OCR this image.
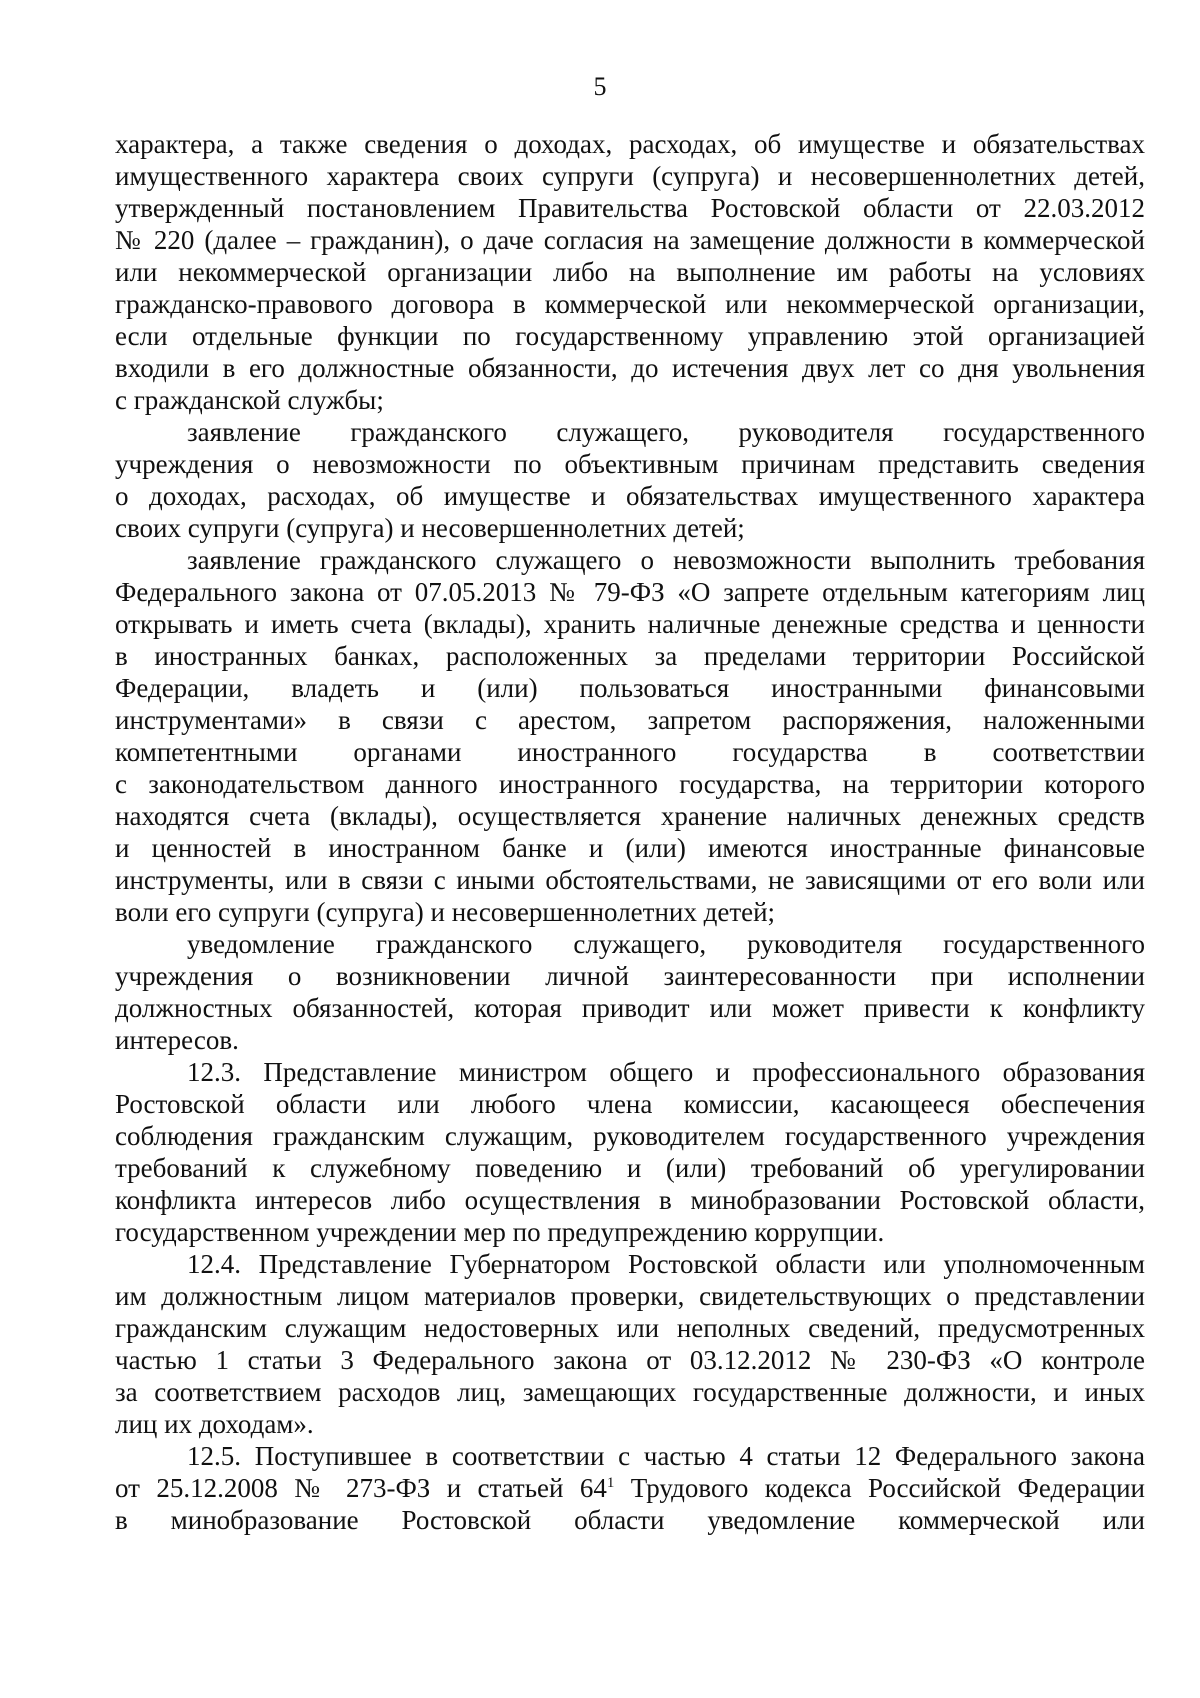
5
характера, а также сведения о доходах, расходах, об имуществе и обязательствах
имущественного характера своих супруги (супруга) и несовершеннолетних детей,
утвержденный постановлением Правительства Ростовской области от 22.03.2012
№ 220 (далее – гражданин), о даче согласия на замещение должности в коммерческой
или некоммерческой организации либо на выполнение им работы на условиях
гражданско-правового договора в коммерческой или некоммерческой организации,
если отдельные функции по государственному управлению этой организацией
входили в его должностные обязанности, до истечения двух лет со дня увольнения
с гражданской службы;
заявление гражданского служащего, руководителя государственного
учреждения о невозможности по объективным причинам представить сведения
о доходах, расходах, об имуществе и обязательствах имущественного характера
своих супруги (супруга) и несовершеннолетних детей;
заявление гражданского служащего о невозможности выполнить требования
Федерального закона от 07.05.2013 № 79-ФЗ «О запрете отдельным категориям лиц
открывать и иметь счета (вклады), хранить наличные денежные средства и ценности
в иностранных банках, расположенных за пределами территории Российской
Федерации, владеть и (или) пользоваться иностранными финансовыми
инструментами» в связи с арестом, запретом распоряжения, наложенными
компетентными органами иностранного государства в соответствии
с законодательством данного иностранного государства, на территории которого
находятся счета (вклады), осуществляется хранение наличных денежных средств
и ценностей в иностранном банке и (или) имеются иностранные финансовые
инструменты, или в связи с иными обстоятельствами, не зависящими от его воли или
воли его супруги (супруга) и несовершеннолетних детей;
уведомление гражданского служащего, руководителя государственного
учреждения о возникновении личной заинтересованности при исполнении
должностных обязанностей, которая приводит или может привести к конфликту
интересов.
12.3. Представление министром общего и профессионального образования
Ростовской области или любого члена комиссии, касающееся обеспечения
соблюдения гражданским служащим, руководителем государственного учреждения
требований к служебному поведению и (или) требований об урегулировании
конфликта интересов либо осуществления в минобразовании Ростовской области,
государственном учреждении мер по предупреждению коррупции.
12.4. Представление Губернатором Ростовской области или уполномоченным
им должностным лицом материалов проверки, свидетельствующих о представлении
гражданским служащим недостоверных или неполных сведений, предусмотренных
частью 1 статьи 3 Федерального закона от 03.12.2012 № 230-ФЗ «О контроле
за соответствием расходов лиц, замещающих государственные должности, и иных
лиц их доходам».
12.5. Поступившее в соответствии с частью 4 статьи 12 Федерального закона
от 25.12.2008 № 273-ФЗ и статьей $64^1$ Трудового кодекса Российской Федерации
в минобразование Ростовской области уведомление коммерческой или
